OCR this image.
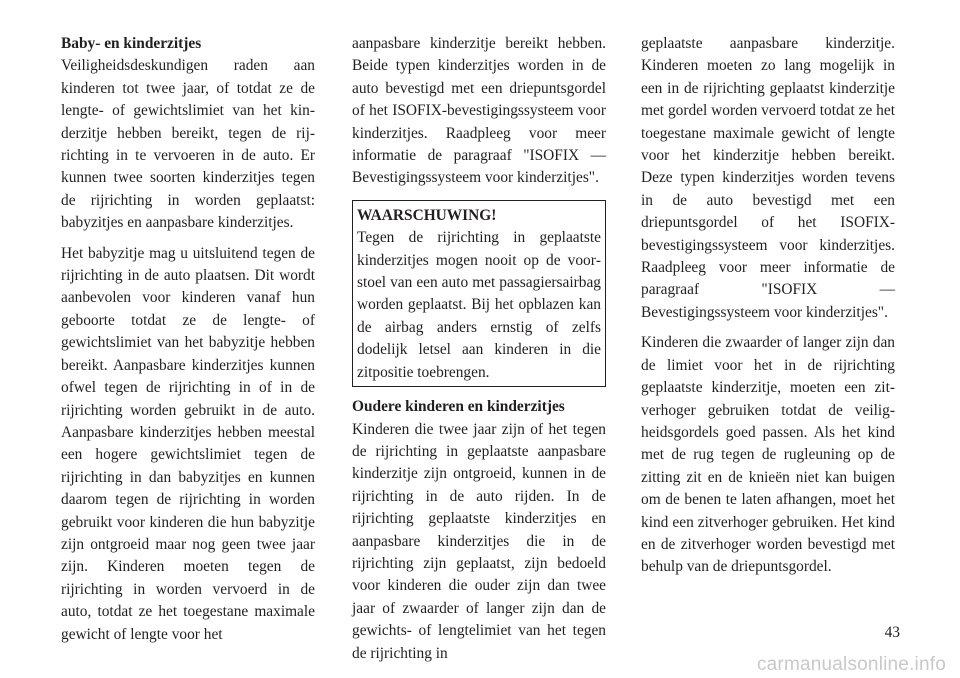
Baby- en kinderzitjes

Veiligheidsdeskundigen raden aan kinderen tot twee jaar, of totdat ze de lengte- of gewichtslimiet van het kinderzitje hebben bereikt, tegen de rijrichting in te vervoeren in de auto. Er kunnen twee soorten kinderzitjes tegen de rijrichting in worden geplaatst: babyzitjes en aanpasbare kinderzitjes.

Het babyzitje mag u uitsluitend tegen de rijrichting in de auto plaatsen. Dit wordt aanbevolen voor kinderen vanaf hun geboorte totdat ze de lengte- of gewichtslimiet van het babyzitje hebben bereikt. Aanpasbare kinderzitjes kunnen ofwel tegen de rijrichting in of in de rijrichting worden gebruikt in de auto. Aanpasbare kinderzitjes hebben meestal een hogere gewichtslimiet tegen de rijrichting in dan babyzitjes en kunnen daarom tegen de rijrichting in worden gebruikt voor kinderen die hun babyzitje zijn ontgroeid maar nog geen twee jaar zijn. Kinderen moeten tegen de rijrichting in worden vervoerd in de auto, totdat ze het toegestane maximale gewicht of lengte voor het

aanpasbare kinderzitje bereikt hebben. Beide typen kinderzitjes worden in de auto bevestigd met een driepuntsgordel of het ISOFIX-bevestigingssysteem voor kinderzitjes. Raadpleeg voor meer informatie de paragraaf "ISOFIX — Bevestigingssysteem voor kinderzitjes".

WAARSCHUWING!

Tegen de rijrichting in geplaatste kinderzitjes mogen nooit op de voorstoel van een auto met passagiersairbag worden geplaatst. Bij het opblazen kan de airbag anders ernstig of zelfs dodelijk letsel aan kinderen in die zitpositie toebrengen.

Oudere kinderen en kinderzitjes

Kinderen die twee jaar zijn of het tegen de rijrichting in geplaatste aanpasbare kinderzitje zijn ontgroeid, kunnen in de rijrichting in de auto rijden. In de rijrichting geplaatste kinderzitjes en aanpasbare kinderzitjes die in de rijrichting zijn geplaatst, zijn bedoeld voor kinderen die ouder zijn dan twee jaar of zwaarder of langer zijn dan de gewichts- of lengtelimiet van het tegen de rijrichting in

geplaatste aanpasbare kinderzitje. Kinderen moeten zo lang mogelijk in een in de rijrichting geplaatst kinderzitje met gordel worden vervoerd totdat ze het toegestane maximale gewicht of lengte voor het kinderzitje hebben bereikt. Deze typen kinderzitjes worden tevens in de auto bevestigd met een driepuntsgordel of het ISOFIX-bevestigingssysteem voor kinderzitjes. Raadpleeg voor meer informatie de paragraaf "ISOFIX — Bevestigingssysteem voor kinderzitjes".

Kinderen die zwaarder of langer zijn dan de limiet voor het in de rijrichting geplaatste kinderzitje, moeten een zitverhoger gebruiken totdat de veiligheidsgordels goed passen. Als het kind met de rug tegen de rugleuning op de zitting zit en de knieën niet kan buigen om de benen te laten afhangen, moet het kind een zitverhoger gebruiken. Het kind en de zitverhoger worden bevestigd met behulp van de driepuntsgordel.

43
carmanualsonline.info
